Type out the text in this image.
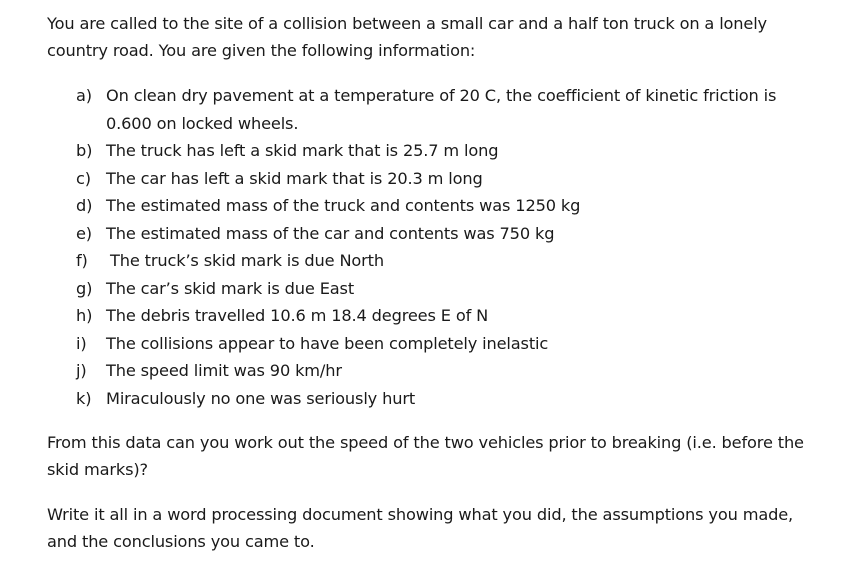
You are called to the site of a collision between a small car and a half ton truck on a lonely

country road. You are given the following information:

a) On clean dry pavement at a temperature of 20 C, the coefficient of kinetic friction is
0.600 on locked wheels.
b) The truck has left a skid mark that is 25.7 m long
c) The car has left a skid mark that is 20.3 m long
d) The estimated mass of the truck and contents was 1250 kg
e) The estimated mass of the car and contents was 750 kg
f) The truck’s skid mark is due North
g) The car’s skid mark is due East
h) The debris travelled 10.6 m 18.4 degrees E of N
i) The collisions appear to have been completely inelastic
j) The speed limit was 90 km/hr
k) Miraculously no one was seriously hurt

From this data can you work out the speed of the two vehicles prior to breaking (i.e. before the

skid marks)?

Write it all in a word processing document showing what you did, the assumptions you made,

and the conclusions you came to.
